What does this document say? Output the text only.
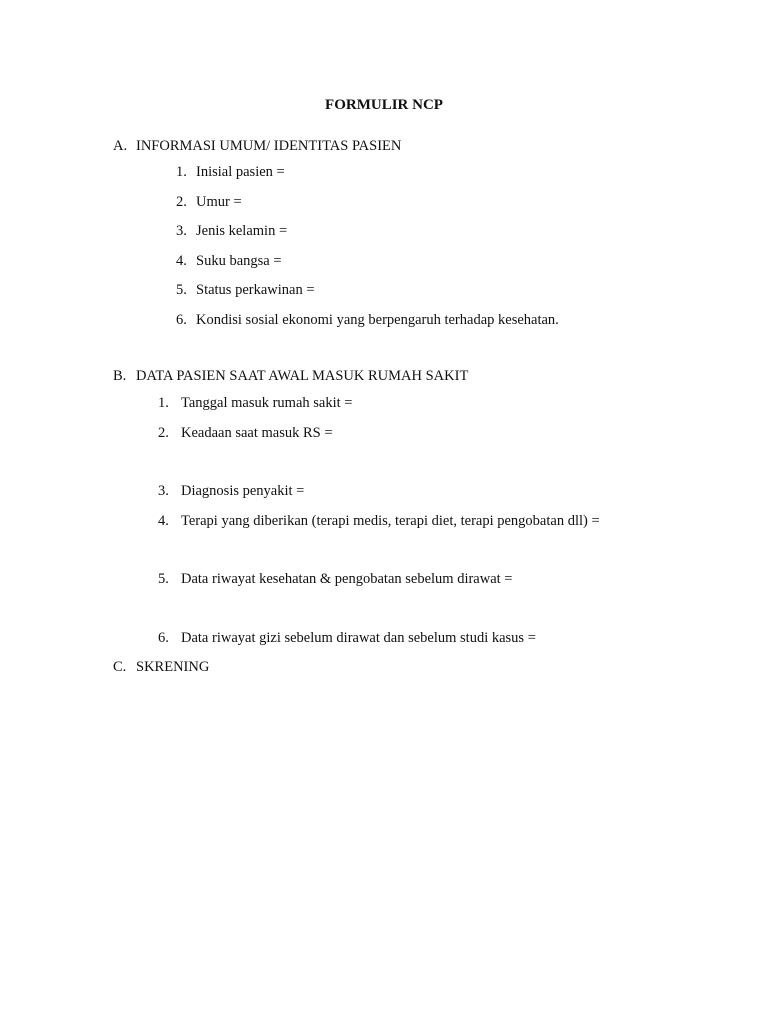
FORMULIR NCP
A. INFORMASI UMUM/ IDENTITAS PASIEN
1. Inisial pasien =
2. Umur =
3. Jenis kelamin =
4. Suku bangsa =
5. Status perkawinan =
6. Kondisi sosial ekonomi yang berpengaruh terhadap kesehatan.
B. DATA PASIEN SAAT AWAL MASUK RUMAH SAKIT
1. Tanggal masuk rumah sakit =
2. Keadaan saat masuk RS =
3. Diagnosis penyakit =
4. Terapi yang diberikan (terapi medis, terapi diet, terapi pengobatan dll) =
5. Data riwayat kesehatan & pengobatan sebelum dirawat =
6. Data riwayat gizi sebelum dirawat dan sebelum studi kasus =
C. SKRENING
